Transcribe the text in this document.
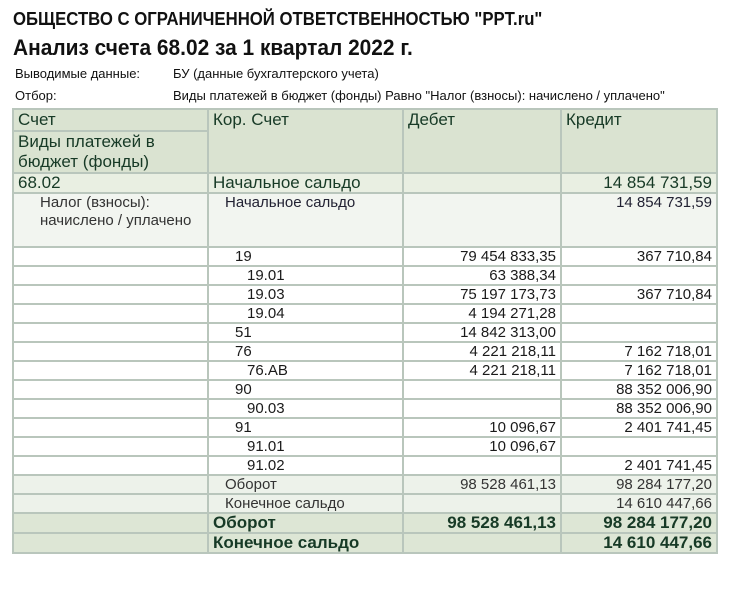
ОБЩЕСТВО С ОГРАНИЧЕННОЙ ОТВЕТСТВЕННОСТЬЮ "PPT.ru"
Анализ счета 68.02 за 1 квартал 2022 г.
Выводимые данные:	БУ (данные бухгалтерского учета)
Отбор:	Виды платежей в бюджет (фонды) Равно "Налог (взносы): начислено / уплачено"
Счет	Кор. Счет	Дебет	Кредит

Виды платежей в бюджет (фонды)			

68.02	Начальное сальдо		14 854 731,59
Налог (взносы): начислено / уплачено	Начальное сальдо		14 854 731,59
	19	79 454 833,35	367 710,84
	19.01	63 388,34	
	19.03	75 197 173,73	367 710,84
	19.04	4 194 271,28	
	51	14 842 313,00	
	76	4 221 218,11	7 162 718,01
	76.АВ	4 221 218,11	7 162 718,01
	90		88 352 006,90
	90.03		88 352 006,90
	91	10 096,67	2 401 741,45
	91.01	10 096,67	
	91.02		2 401 741,45
	Оборот	98 528 461,13	98 284 177,20
	Конечное сальдо		14 610 447,66
	Оборот	98 528 461,13	98 284 177,20
	Конечное сальдо		14 610 447,66
